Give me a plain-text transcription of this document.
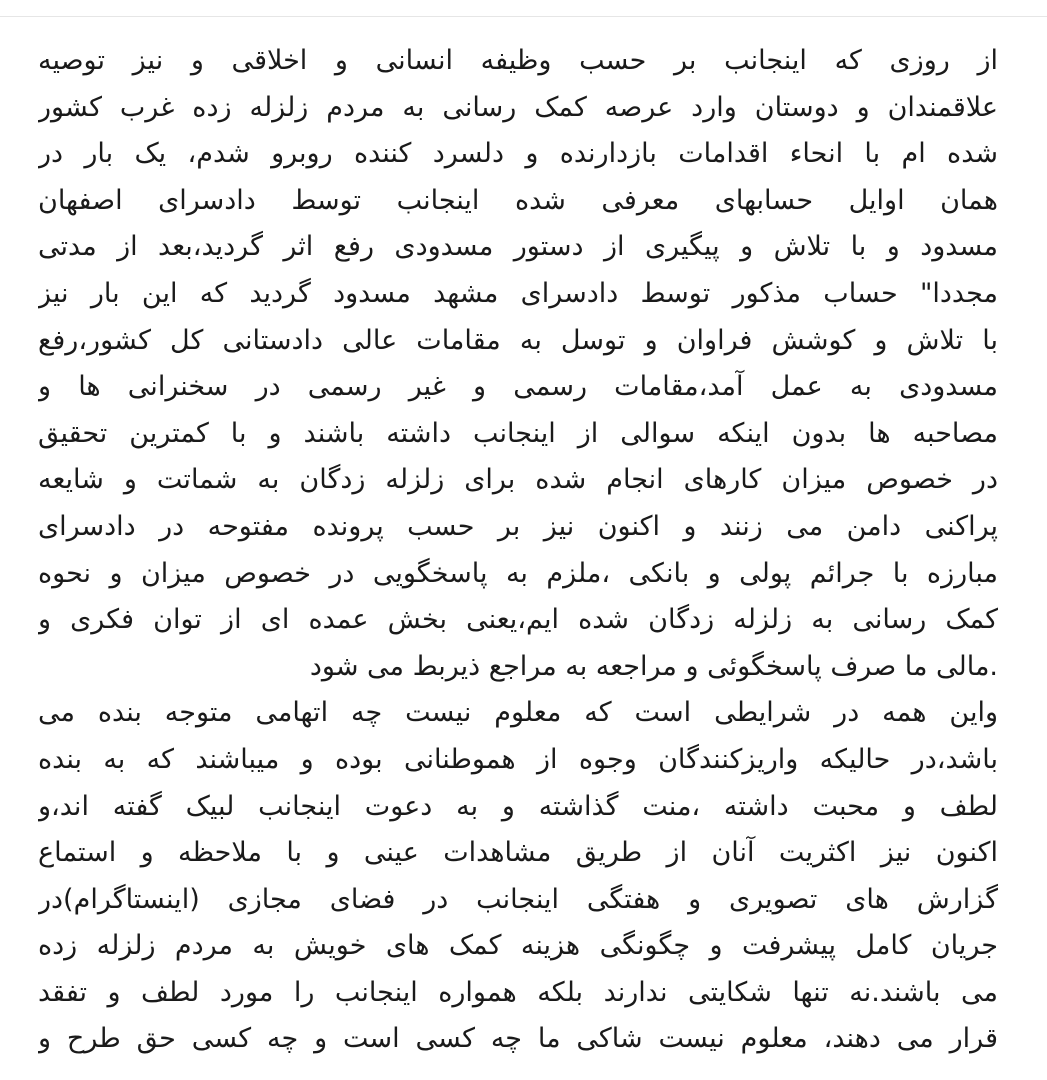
از روزی که اینجانب بر حسب وظیفه انسانی و اخلاقی و نیز توصیه
علاقمندان و دوستان وارد عرصه کمک رسانی به مردم زلزله زده غرب کشور
شده ام با انحاء اقدامات بازدارنده و دلسرد کننده روبرو شدم، یک بار در
همان اوایل حسابهای معرفی شده اینجانب توسط دادسرای اصفهان
مسدود و با تلاش و پیگیری از دستور مسدودی رفع اثر گردید،بعد از مدتی
مجددا" حساب مذکور توسط دادسرای مشهد مسدود گردید که این بار نیز
با تلاش و کوشش فراوان و توسل به مقامات عالی دادستانی کل کشور،رفع
مسدودی به عمل آمد،مقامات رسمی و غیر رسمی در سخنرانی ها و
مصاحبه ها بدون اینکه سوالی از اینجانب داشته باشند و با کمترین تحقیق
در خصوص میزان کارهای انجام شده برای زلزله زدگان به شماتت و شایعه
پراکنی دامن می زنند و اکنون نیز بر حسب پرونده مفتوحه در دادسرای
مبارزه با جرائم پولی و بانکی ،ملزم به پاسخگویی در خصوص میزان و نحوه
کمک رسانی به زلزله زدگان شده ایم،یعنی بخش عمده ای از توان فکری و
.مالی ما صرف پاسخگوئی و مراجعه به مراجع ذیربط می شود
واین همه در شرایطی است که معلوم نیست چه اتهامی متوجه بنده می
باشد،در حالیکه واریزکنندگان وجوه از هموطنانی بوده و میباشند که به بنده
لطف و محبت داشته ،منت گذاشته و به دعوت اینجانب لبیک گفته اند،و
اکنون نیز اکثریت آنان از طریق مشاهدات عینی و با ملاحظه و استماع
گزارش های تصویری و هفتگی اینجانب در فضای مجازی (اینستاگرام)در
جریان کامل پیشرفت و چگونگی هزینه کمک های خویش به مردم زلزله زده
می باشند.نه تنها شکایتی ندارند بلکه همواره اینجانب را مورد لطف و تفقد
قرار می دهند، معلوم نیست شاکی ما چه کسی است و چه کسی حق طرح و
